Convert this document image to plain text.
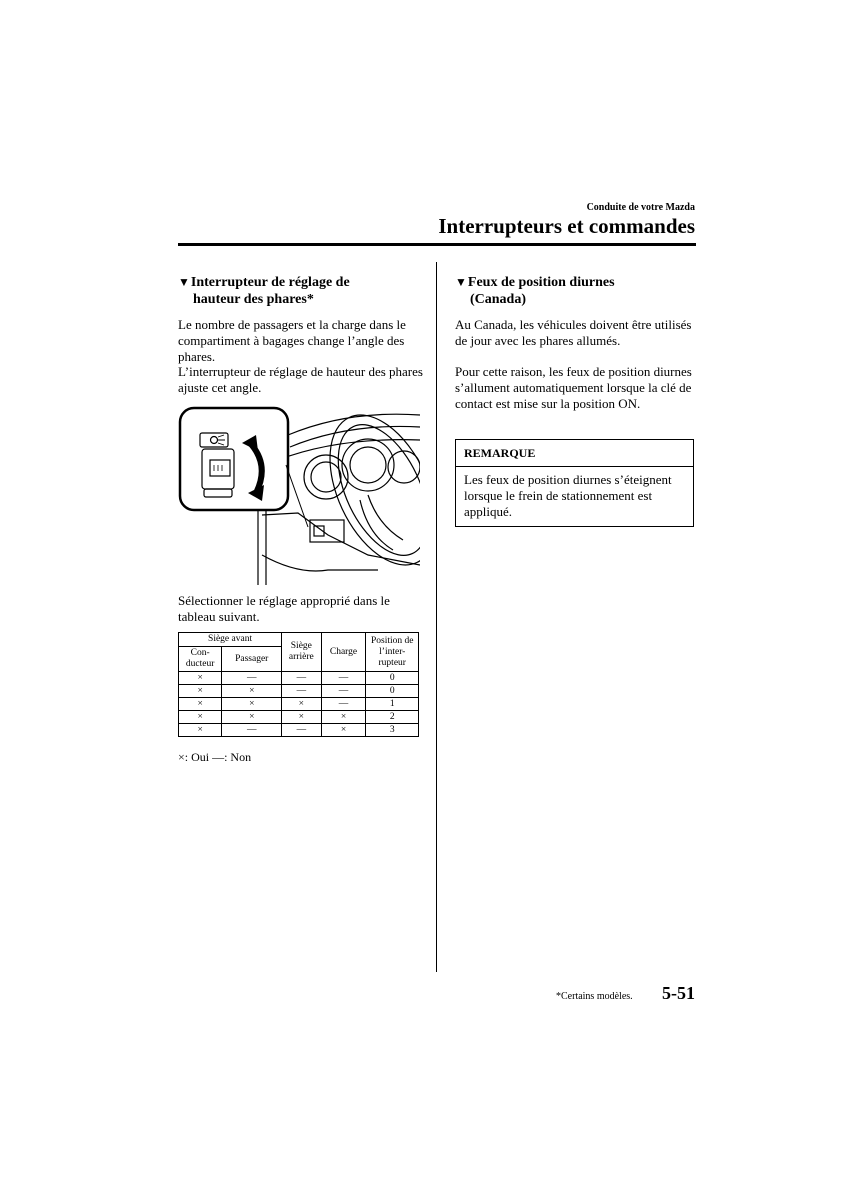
Conduite de votre Mazda
Interrupteurs et commandes
▼Interrupteur de réglage de
hauteur des phares*
Le nombre de passagers et la charge dans le compartiment à bagages change l’angle des phares.
L’interrupteur de réglage de hauteur des phares ajuste cet angle.
Sélectionner le réglage approprié dans le tableau suivant.
Siège avant		Siège arrière	Charge	Position de l’inter-rupteur
Con-ducteur	Passager			
×	—	—	—	0
×	×	—	—	0
×	×	×	—	1
×	×	×	×	2
×	—	—	×	3
×: Oui —: Non
▼Feux de position diurnes
(Canada)
Au Canada, les véhicules doivent être utilisés de jour avec les phares allumés.
Pour cette raison, les feux de position diurnes s’allument automatiquement lorsque la clé de contact est mise sur la position ON.
REMARQUE
Les feux de position diurnes s’éteignent lorsque le frein de stationnement est appliqué.
*Certains modèles. 5-51
